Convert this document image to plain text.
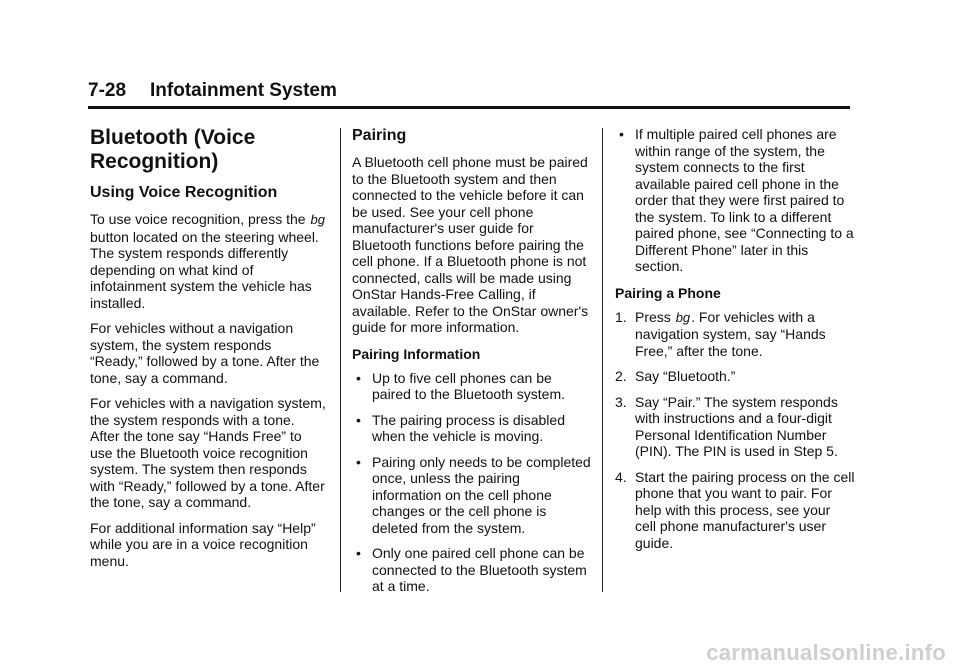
7-28 Infotainment System
Bluetooth (Voice Recognition)
Using Voice Recognition

To use voice recognition, press the bg button located on the steering wheel. The system responds differently depending on what kind of infotainment system the vehicle has installed.

For vehicles without a navigation system, the system responds “Ready,” followed by a tone. After the tone, say a command.

For vehicles with a navigation system, the system responds with a tone. After the tone say “Hands Free” to use the Bluetooth voice recognition system. The system then responds with “Ready,” followed by a tone. After the tone, say a command.

For additional information say “Help” while you are in a voice recognition menu.

Pairing

A Bluetooth cell phone must be paired to the Bluetooth system and then connected to the vehicle before it can be used. See your cell phone manufacturer's user guide for Bluetooth functions before pairing the cell phone. If a Bluetooth phone is not connected, calls will be made using OnStar Hands-Free Calling, if available. Refer to the OnStar owner's guide for more information.

Pairing Information
• Up to five cell phones can be paired to the Bluetooth system.
• The pairing process is disabled when the vehicle is moving.
• Pairing only needs to be completed once, unless the pairing information on the cell phone changes or the cell phone is deleted from the system.
• Only one paired cell phone can be connected to the Bluetooth system at a time.
• If multiple paired cell phones are within range of the system, the system connects to the first available paired cell phone in the order that they were first paired to the system. To link to a different paired phone, see “Connecting to a Different Phone” later in this section.
Pairing a Phone
1. Press bg. For vehicles with a navigation system, say “Hands Free,” after the tone.
2. Say “Bluetooth.”
3. Say “Pair.” The system responds with instructions and a four-digit Personal Identification Number (PIN). The PIN is used in Step 5.
4. Start the pairing process on the cell phone that you want to pair. For help with this process, see your cell phone manufacturer's user guide.
carmanualsonline.info
